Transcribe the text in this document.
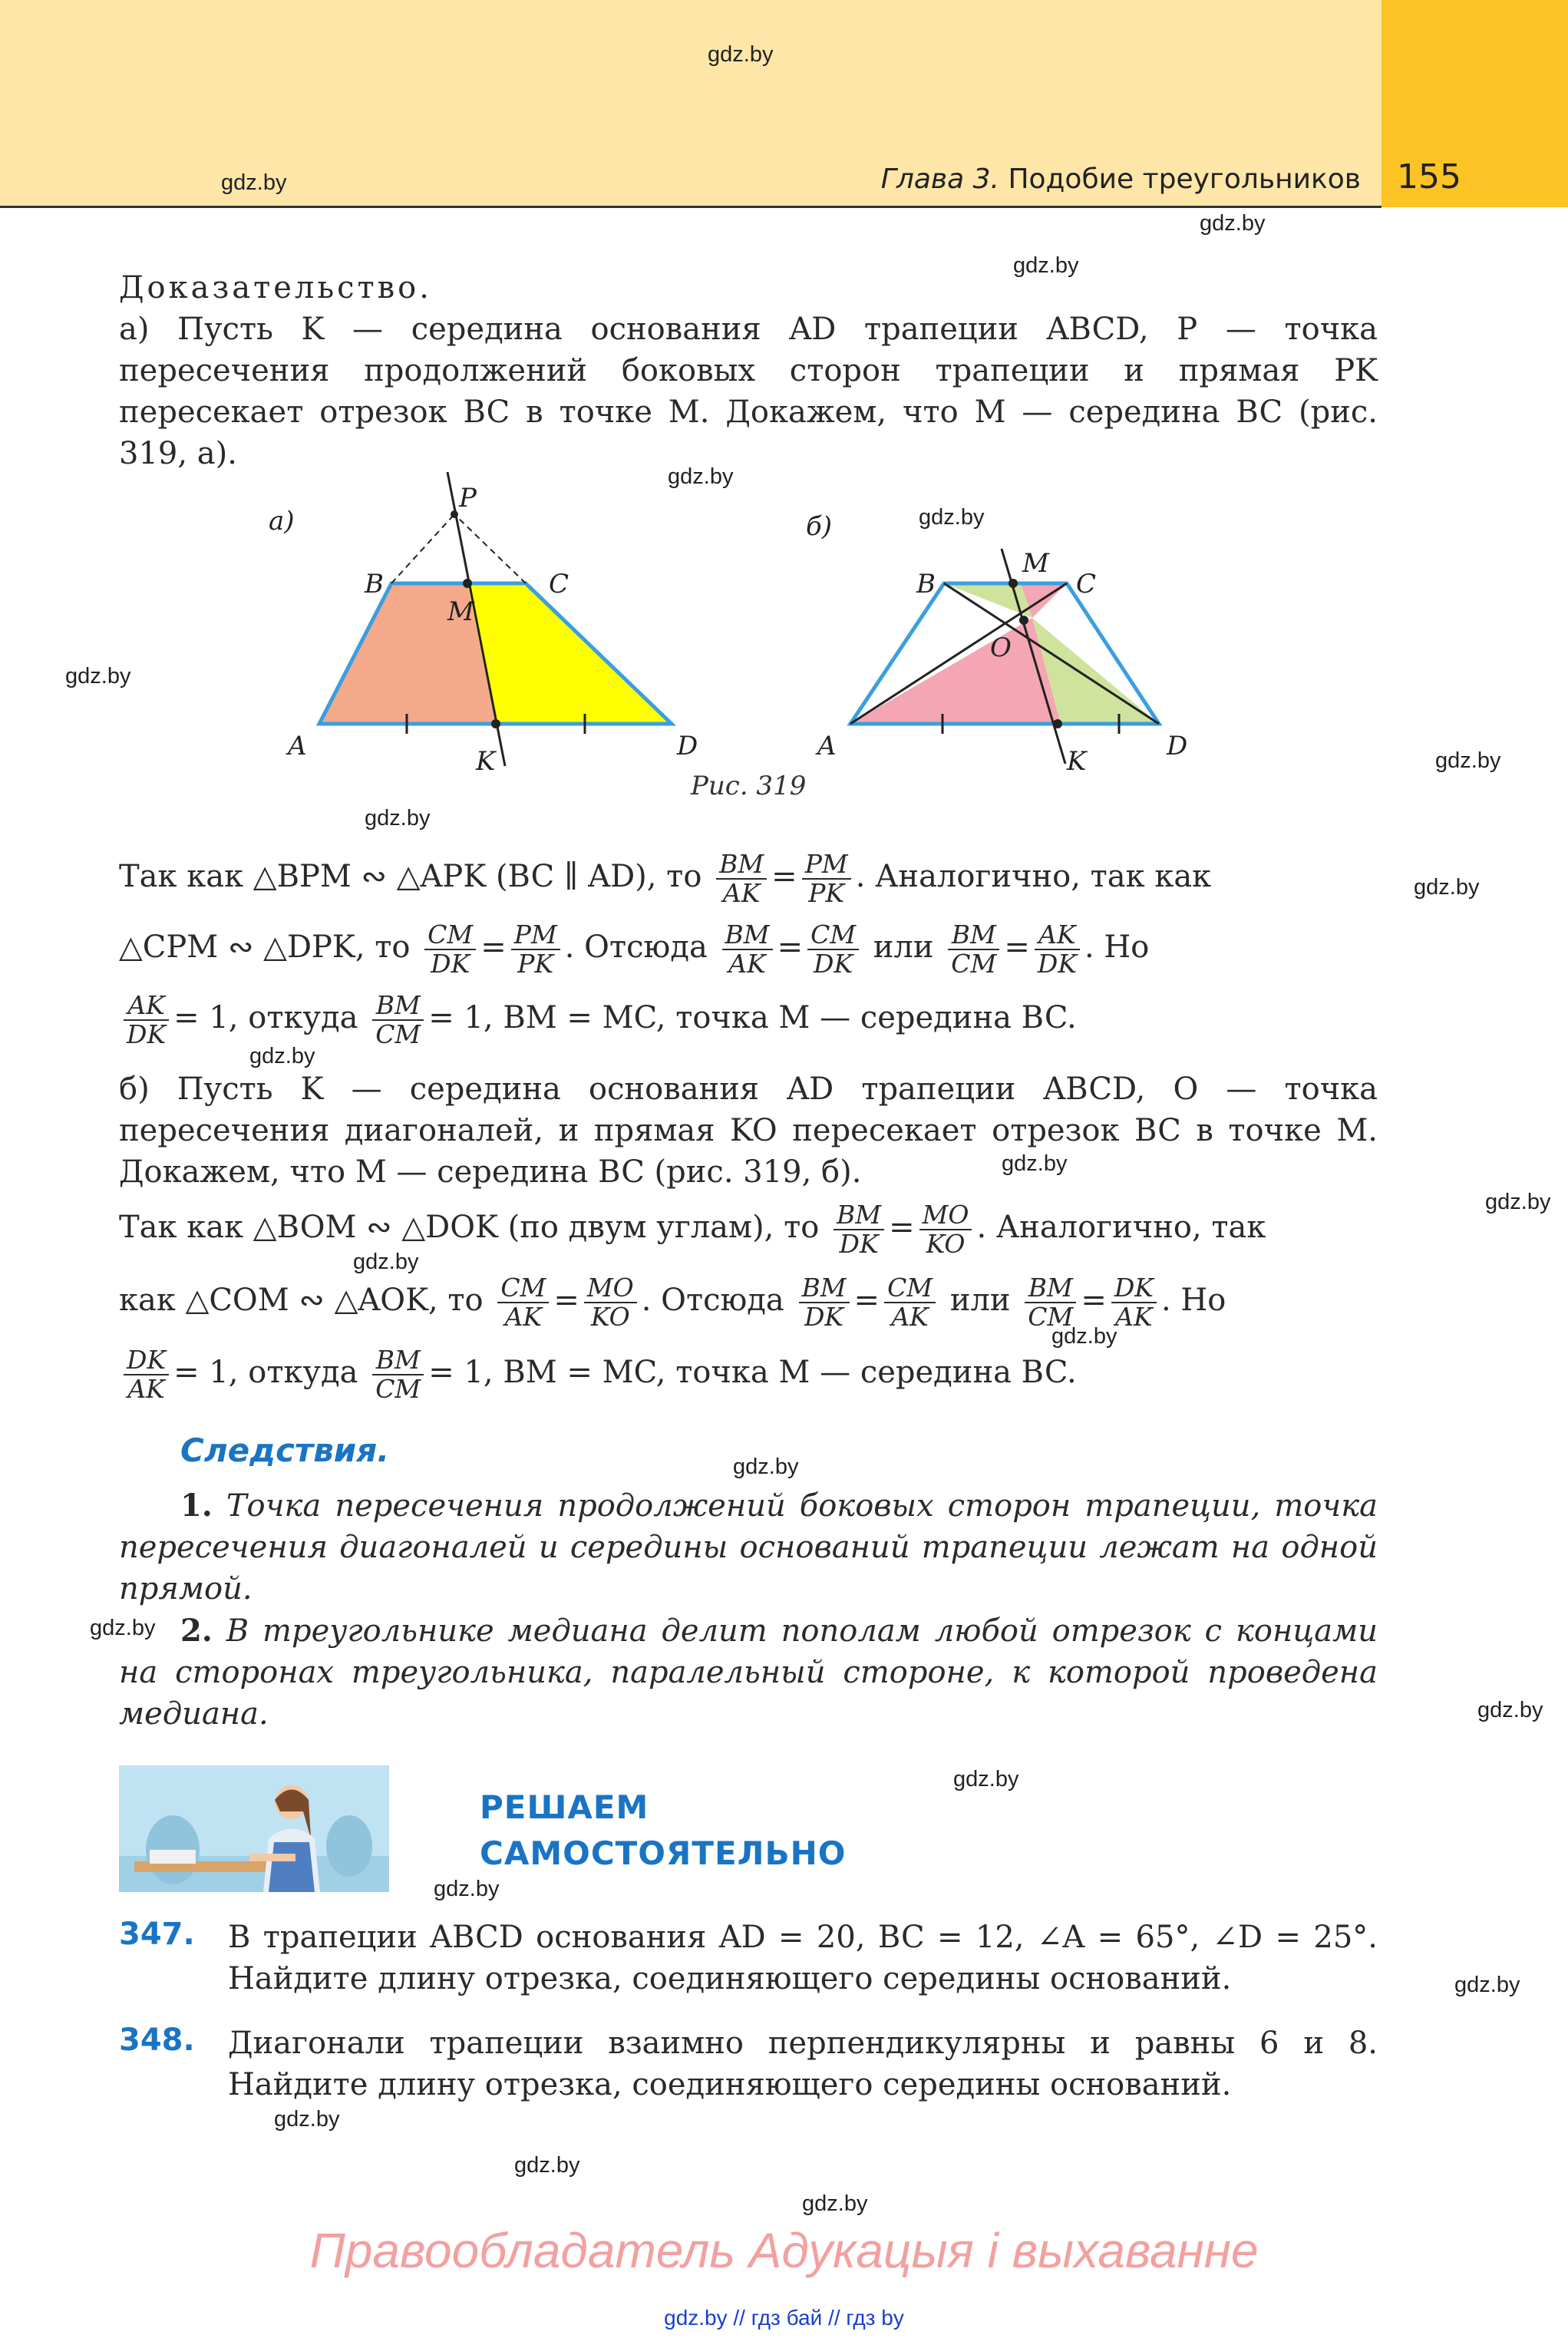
Глава 3. Подобие треугольников 155
gdz.by
gdz.by
gdz.by
gdz.by
gdz.by
gdz.by
gdz.by
gdz.by
gdz.by
gdz.by
gdz.by
gdz.by
gdz.by
gdz.by
gdz.by
gdz.by
gdz.by
gdz.by
gdz.by
gdz.by
gdz.by
gdz.by
gdz.by
gdz.by
Доказательство.
а) Пусть K — середина основания AD трапеции ABCD, P — точка пересечения продолжений боковых сторон трапеции и прямая PK пересекает отрезок BC в точке M. Докажем, что M — середина BC (рис. 319, а).
а)
P
B	C
M
A	K	D
б)
B
M
C
O
A	K	D
Рис. 319
Так как △BPM ∾ △APK (BC ∥ AD), то $\frac{BM}{AK} = \frac{PM}{PK}$ . Аналогично, так как
△CPM ∾ △DPK, то $\frac{CM}{DK} = \frac{PM}{PK}$ . Отсюда $\frac{BM}{AK} = \frac{CM}{DK}$ или $\frac{BM}{CM} = \frac{AK}{DK}$ . Но
$\frac{AK}{DK} = 1$, откуда $\frac{BM}{CM} = 1$, BM = MC, точка M — середина BC.
б) Пусть K — середина основания AD трапеции ABCD, O — точка пересечения диагоналей, и прямая KO пересекает отрезок BC в точке M. Докажем, что M — середина BC (рис. 319, б).
Так как △BOM ∾ △DOK (по двум углам), то $\frac{BM}{DK} = \frac{MO}{KO}$ . Аналогично, так
как △COM ∾ △AOK, то $\frac{CM}{AK} = \frac{MO}{KO}$ . Отсюда $\frac{BM}{DK} = \frac{CM}{AK}$ или $\frac{BM}{CM} = \frac{DK}{AK}$ . Но
$\frac{DK}{AK} = 1$, откуда $\frac{BM}{CM} = 1$, BM = MC, точка M — середина BC.
Следствия.
1. Точка пересечения продолжений боковых сторон трапеции, точка пересечения диагоналей и середины оснований трапеции лежат на одной прямой.
2. В треугольнике медиана делит пополам любой отрезок с концами на сторонах треугольника, паралельный стороне, к которой проведена медиана.
РЕШАЕМ
САМОСТОЯТЕЛЬНО
347. В трапеции ABCD основания AD = 20, BC = 12, ∠A = 65°, ∠D = 25°. Найдите длину отрезка, соединяющего середины оснований.
348. Диагонали трапеции взаимно перпендикулярны и равны 6 и 8. Найдите длину отрезка, соединяющего середины оснований.
Правообладатель Адукацыя і выхаванне
gdz.by // гдз бай // гдз by
